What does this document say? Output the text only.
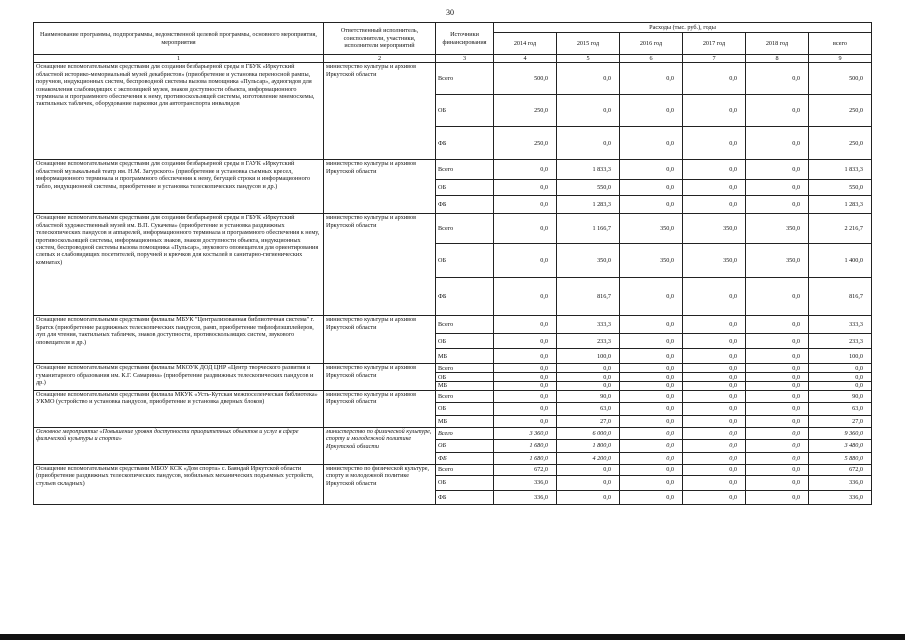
30
Наименование программы, подпрограммы, ведомственной целевой программы, основного мероприятия, мероприятия	Ответственный исполнитель, соисполнители, участники, исполнители мероприятий	Источники финансирования	Расходы (тыс. руб.), годы					
			2014 год	2015 год	2016 год	2017 год	2018 год	всего
1	2	3	4	5	6	7	8	9
Оснащение вспомогательными средствами для создания безбарьерной среды в ГБУК «Иркутский областной историко-мемориальный музей декабристов» (приобретение и установка переносной рампы, поручнов, индукционных систем, беспроводной системы вызова помощника «Пульсар», аудиогидов для ознакомления слабовидящих с экспозицией музея, знаков доступности объекта, информационного терминала и программного обеспечения к нему, противоскользящей системы, изготовление мнемосхемы, тактильных табличек, оборудование парковки для автотранспорта инвалидов	министерство культуры и архивов Иркутской области	Всего	500,0	0,0	0,0	0,0	0,0	500,0
		ОБ	250,0	0,0	0,0	0,0	0,0	250,0
		ФБ	250,0	0,0	0,0	0,0	0,0	250,0
Оснащение вспомогательными средствами для создания безбарьерной среды в ГАУК «Иркутский областной музыкальный театр им. Н.М. Загурского» (приобретение и установка съемных кресел, информационного терминала и программного обеспечения к нему, бегущей строки и информационного табло, индукционной системы, приобретение и установка телескопических пандусов и др.)	министерство культуры и архивов Иркутской области	Всего	0,0	1 833,3	0,0	0,0	0,0	1 833,3
		ОБ	0,0	550,0	0,0	0,0	0,0	550,0
		ФБ	0,0	1 283,3	0,0	0,0	0,0	1 283,3
Оснащение вспомогательными средствами для создания безбарьерной среды в ГБУК «Иркутский областной художественный музей им. В.П. Сукачева» (приобретение и установка раздвижных телескопических пандусов и аппарелей, информационного терминала и программного обеспечения к нему, противоскользящей системы, информационных знаков, знаков доступности объекта, индукционных систем, беспроводной системы вызова помощника «Пульсар», звукового оповещателя для ориентирования слепых и слабовидящих посетителей, поручней и крючков для костылей в санитарно-гигиенических комнатах)	министерство культуры и архивов Иркутской области	Всего	0,0	1 166,7	350,0	350,0	350,0	2 216,7
		ОБ	0,0	350,0	350,0	350,0	350,0	1 400,0
		ФБ	0,0	816,7	0,0	0,0	0,0	816,7
Оснащение вспомогательными средствами филиалы МБУК "Централизованная библиотечная система" г. Братск (приобретение раздвижных телескопических пандусов, рамп, приобретение тифлофлэшплейеров, луп для чтения, тактильных табличек, знаков доступности, противоскользящих систем, звукового оповещателя и др.)	министерство культуры и архивов Иркутской области	Всего	0,0	333,3	0,0	0,0	0,0	333,3
		ОБ	0,0	233,3	0,0	0,0	0,0	233,3
		МБ	0,0	100,0	0,0	0,0	0,0	100,0
Оснащение вспомогательными средствами филиалы МКОУК ДОД ЦНР «Центр творческого развития и гуманитарного образования им. К.Г. Самарина» (приобретение раздвижных телескопических пандусов и др.)	министерство культуры и архивов Иркутской области	Всего	0,0	0,0	0,0	0,0	0,0	0,0
		ОБ	0,0	0,0	0,0	0,0	0,0	0,0
		МБ	0,0	0,0	0,0	0,0	0,0	0,0
Оснащение вспомогательными средствами филиала МКУК «Усть-Кутская межпоселенческая библиотека» УКМО (устройство и установка пандусов, приобретение и установка дверных блоков)	министерство культуры и архивов Иркутской области	Всего	0,0	90,0	0,0	0,0	0,0	90,0
		ОБ	0,0	63,0	0,0	0,0	0,0	63,0
		МБ	0,0	27,0	0,0	0,0	0,0	27,0
Основное мероприятие «Повышение уровня доступности приоритетных объектов и услуг в сфере физической культуры и спорта»	министерство по физической культуре, спорту и молодежной политике Иркутской области	Всего	3 360,0	6 000,0	0,0	0,0	0,0	9 360,0
		ОБ	1 680,0	1 800,0	0,0	0,0	0,0	3 480,0
		ФБ	1 680,0	4 200,0	0,0	0,0	0,0	5 880,0
Оснащение вспомогательными средствами МБОУ КСК «Дом спорта» с. Баяндай Иркутской области (приобретение раздвижных телескопических пандусов, мобильных механических подъемных устройств, стульев складных)	министерство по физической культуре, спорту и молодежной политике Иркутской области	Всего	672,0	0,0	0,0	0,0	0,0	672,0
		ОБ	336,0	0,0	0,0	0,0	0,0	336,0
		ФБ	336,0	0,0	0,0	0,0	0,0	336,0
